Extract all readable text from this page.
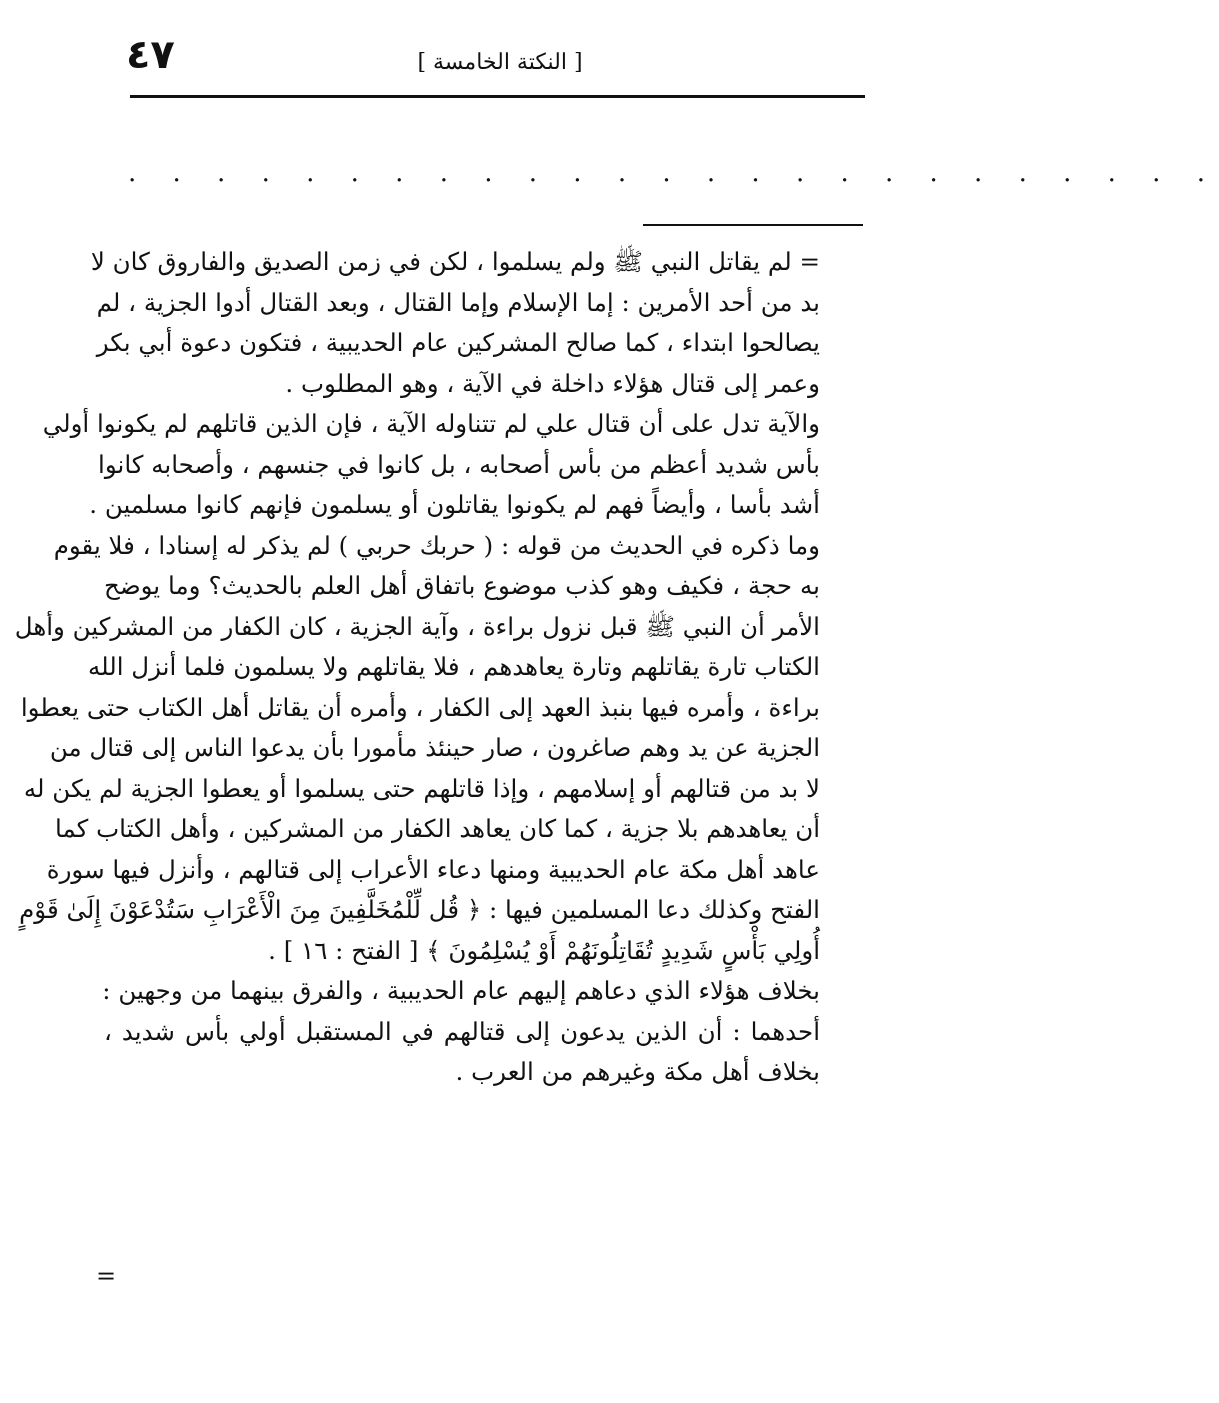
٤٧	[ النكتة الخامسة ]
. . . . . . . . . . . . . . . . . . . . . . . . .
= لم يقاتل النبي ﷺ ولم يسلموا ، لكن في زمن الصديق والفاروق كان لا
بد من أحد الأمرين : إما الإسلام وإما القتال ، وبعد القتال أدوا الجزية ، لم
يصالحوا ابتداء ، كما صالح المشركين عام الحديبية ، فتكون دعوة أبي بكر
وعمر إلى قتال هؤلاء داخلة في الآية ، وهو المطلوب .
والآية تدل على أن قتال علي لم تتناوله الآية ، فإن الذين قاتلهم لم يكونوا أولي
بأس شديد أعظم من بأس أصحابه ، بل كانوا في جنسهم ، وأصحابه كانوا
أشد بأسا ، وأيضاً فهم لم يكونوا يقاتلون أو يسلمون فإنهم كانوا مسلمين .
وما ذكره في الحديث من قوله : ( حربك حربي ) لم يذكر له إسنادا ، فلا يقوم
به حجة ، فكيف وهو كذب موضوع باتفاق أهل العلم بالحديث؟ وما يوضح
الأمر أن النبي ﷺ قبل نزول براءة ، وآية الجزية ، كان الكفار من المشركين وأهل
الكتاب تارة يقاتلهم وتارة يعاهدهم ، فلا يقاتلهم ولا يسلمون فلما أنزل الله
براءة ، وأمره فيها بنبذ العهد إلى الكفار ، وأمره أن يقاتل أهل الكتاب حتى يعطوا
الجزية عن يد وهم صاغرون ، صار حينئذ مأمورا بأن يدعوا الناس إلى قتال من
لا بد من قتالهم أو إسلامهم ، وإذا قاتلهم حتى يسلموا أو يعطوا الجزية لم يكن له
أن يعاهدهم بلا جزية ، كما كان يعاهد الكفار من المشركين ، وأهل الكتاب كما
عاهد أهل مكة عام الحديبية ومنها دعاء الأعراب إلى قتالهم ، وأنزل فيها سورة
الفتح وكذلك دعا المسلمين فيها : ﴿ قُل لِّلْمُخَلَّفِينَ مِنَ الْأَعْرَابِ سَتُدْعَوْنَ إِلَىٰ قَوْمٍ
أُولِي بَأْسٍ شَدِيدٍ تُقَاتِلُونَهُمْ أَوْ يُسْلِمُونَ ﴾ [ الفتح : ١٦ ] .
بخلاف هؤلاء الذي دعاهم إليهم عام الحديبية ، والفرق بينهما من وجهين :
أحدهما : أن الذين يدعون إلى قتالهم في المستقبل أولي بأس شديد ،
بخلاف أهل مكة وغيرهم من العرب .
=
